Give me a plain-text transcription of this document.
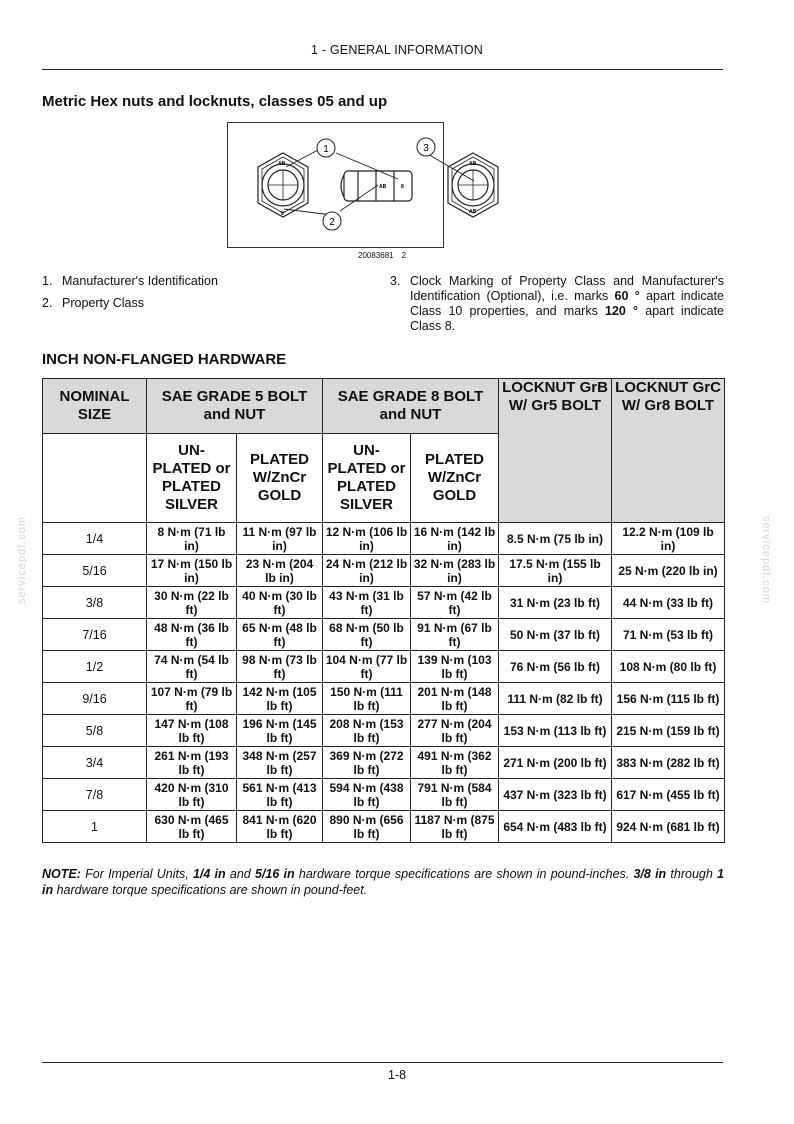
1 - GENERAL INFORMATION
Metric Hex nuts and locknuts, classes 05 and up
AB
8
AB	8
AB
AB
1
2
3
20083681 2
1. Manufacturer's Identification
2. Property Class
3. Clock Marking of Property Class and Manufacturer's Identification (Optional), i.e. marks 60 ° apart indicate Class 10 properties, and marks 120 ° apart indicate Class 8.
INCH NON-FLANGED HARDWARE
NOMINAL SIZE	SAE GRADE 5 BOLT and NUT		SAE GRADE 8 BOLT and NUT		LOCKNUT GrB W/ Gr5 BOLT	LOCKNUT GrC W/ Gr8 BOLT
	UN-PLATED or PLATED SILVER	PLATED W/ZnCr GOLD	UN-PLATED or PLATED SILVER	PLATED W/ZnCr GOLD		
1/4	8 N·m (71 lb in)	11 N·m (97 lb in)	12 N·m (106 lb in)	16 N·m (142 lb in)	8.5 N·m (75 lb in)	12.2 N·m (109 lb in)
5/16	17 N·m (150 lb in)	23 N·m (204 lb in)	24 N·m (212 lb in)	32 N·m (283 lb in)	17.5 N·m (155 lb in)	25 N·m (220 lb in)
3/8	30 N·m (22 lb ft)	40 N·m (30 lb ft)	43 N·m (31 lb ft)	57 N·m (42 lb ft)	31 N·m (23 lb ft)	44 N·m (33 lb ft)
7/16	48 N·m (36 lb ft)	65 N·m (48 lb ft)	68 N·m (50 lb ft)	91 N·m (67 lb ft)	50 N·m (37 lb ft)	71 N·m (53 lb ft)
1/2	74 N·m (54 lb ft)	98 N·m (73 lb ft)	104 N·m (77 lb ft)	139 N·m (103 lb ft)	76 N·m (56 lb ft)	108 N·m (80 lb ft)
9/16	107 N·m (79 lb ft)	142 N·m (105 lb ft)	150 N·m (111 lb ft)	201 N·m (148 lb ft)	111 N·m (82 lb ft)	156 N·m (115 lb ft)
5/8	147 N·m (108 lb ft)	196 N·m (145 lb ft)	208 N·m (153 lb ft)	277 N·m (204 lb ft)	153 N·m (113 lb ft)	215 N·m (159 lb ft)
3/4	261 N·m (193 lb ft)	348 N·m (257 lb ft)	369 N·m (272 lb ft)	491 N·m (362 lb ft)	271 N·m (200 lb ft)	383 N·m (282 lb ft)
7/8	420 N·m (310 lb ft)	561 N·m (413 lb ft)	594 N·m (438 lb ft)	791 N·m (584 lb ft)	437 N·m (323 lb ft)	617 N·m (455 lb ft)
1	630 N·m (465 lb ft)	841 N·m (620 lb ft)	890 N·m (656 lb ft)	1187 N·m (875 lb ft)	654 N·m (483 lb ft)	924 N·m (681 lb ft)
NOTE: For Imperial Units, 1/4 in and 5/16 in hardware torque specifications are shown in pound-inches. 3/8 in through 1 in hardware torque specifications are shown in pound-feet.
servicepdf.com	servicepdf.com
1-8
